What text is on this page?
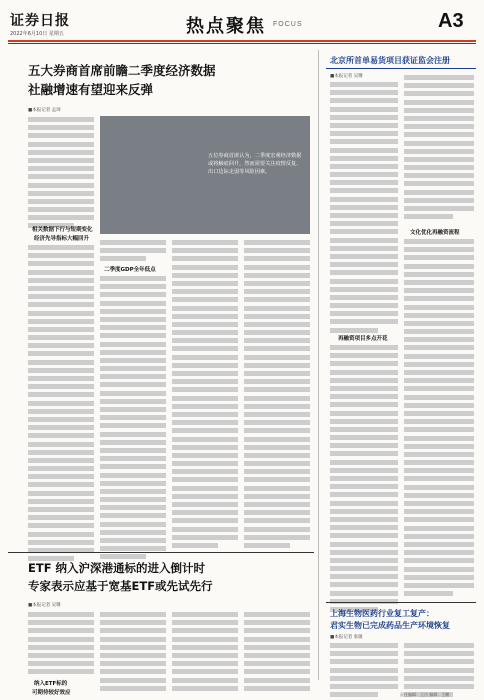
证券日报
2022年6月10日 星期五	热点聚焦 FOCUS	A3
五大券商首席前瞻二季度经济数据
社融增速有望迎来反弹
■本报记者 孟珂
相关数据下行与短期变化
经济先导指标大幅回升
五位券商首席认为，二季度宏观经济数据或将触底回升，然而需要关注疫情反复、出口边际走弱等风险因素。
二季度GDP全年低点
ETF 纳入沪深港通标的进入倒计时
专家表示应基于宽基ETF或先试先行
■本报记者 吴珊
纳入ETF标的
可期待较好效应
北京所首单易货项目获证监会注册
■本报记者 吴珊
再融资项目多点开花
文化优化再融资流程
上海生物医药行业复工复产：
君实生物已完成药品生产环境恢复
■本报记者 张敏
责任编辑：王岳 编辑：王鹏
